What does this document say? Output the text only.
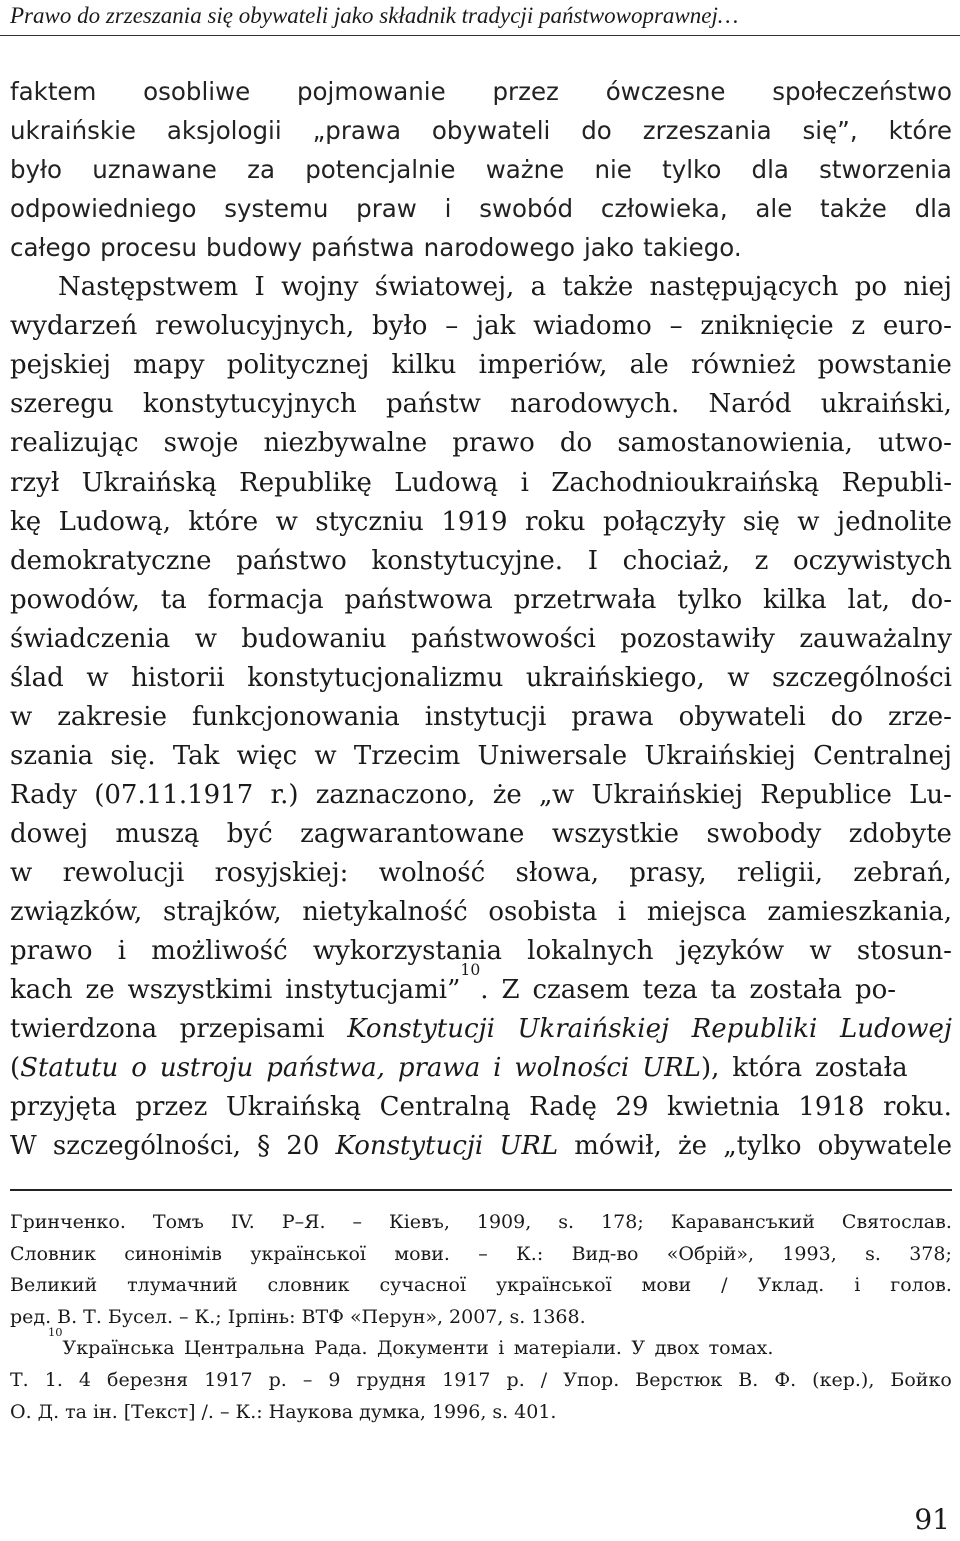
Prawo do zrzeszania się obywateli jako składnik tradycji państwowoprawnej…
faktem osobliwe pojmowanie przez ówczesne społeczeństwo
ukraińskie aksjologii „prawa obywateli do zrzeszania się”, które
było uznawane za potencjalnie ważne nie tylko dla stworzenia
odpowiedniego systemu praw i swobód człowieka, ale także dla
całego procesu budowy państwa narodowego jako takiego.
Następstwem I wojny światowej, a także następujących po niej
wydarzeń rewolucyjnych, było – jak wiadomo – zniknięcie z euro-
pejskiej mapy politycznej kilku imperiów, ale również powstanie
szeregu konstytucyjnych państw narodowych. Naród ukraiński,
realizując swoje niezbywalne prawo do samostanowienia, utwo-
rzył Ukraińską Republikę Ludową i Zachodnioukraińską Republi-
kę Ludową, które w styczniu 1919 roku połączyły się w jednolite
demokratyczne państwo konstytucyjne. I chociaż, z oczywistych
powodów, ta formacja państwowa przetrwała tylko kilka lat, do-
świadczenia w budowaniu państwowości pozostawiły zauważalny
ślad w historii konstytucjonalizmu ukraińskiego, w szczególności
w zakresie funkcjonowania instytucji prawa obywateli do zrze-
szania się. Tak więc w Trzecim Uniwersale Ukraińskiej Centralnej
Rady (07.11.1917 r.) zaznaczono, że „w Ukraińskiej Republice Lu-
dowej muszą być zagwarantowane wszystkie swobody zdobyte
w rewolucji rosyjskiej: wolność słowa, prasy, religii, zebrań,
związków, strajków, nietykalność osobista i miejsca zamieszkania,
prawo i możliwość wykorzystania lokalnych języków w stosun-
kach ze wszystkimi instytucjami”
10
. Z czasem teza ta została po-
twierdzona przepisami Konstytucji Ukraińskiej Republiki Ludowej
( Statutu o ustroju państwa, prawa i wolności URL ), która została
przyjęta przez Ukraińską Centralną Radę 29 kwietnia 1918 roku.
W szczególności, § 20 Konstytucji URL mówił, że „tylko obywatele
Гринченко. Томъ IV. Р–Я. – Кіевъ, 1909, s. 178; Каравансъкий Святослав.
Словник синонімів української мови. – К.: Вид-во «Обрій», 1993, s. 378;
Великий тлумачний словник сучасної української мови / Уклад. і голов.
ред. В. Т. Бусел. – К.; Ірпінь: ВТФ «Перун», 2007, s. 1368.
10
Українська Центральна Рада. Документи і матеріали. У двох томах.
Т. 1. 4 березня 1917 р. – 9 грудня 1917 р. / Упор. Верстюк В. Ф. (кер.), Бойко
О. Д. та ін. [Текст] /. – К.: Наукова думка, 1996, s. 401.
91
